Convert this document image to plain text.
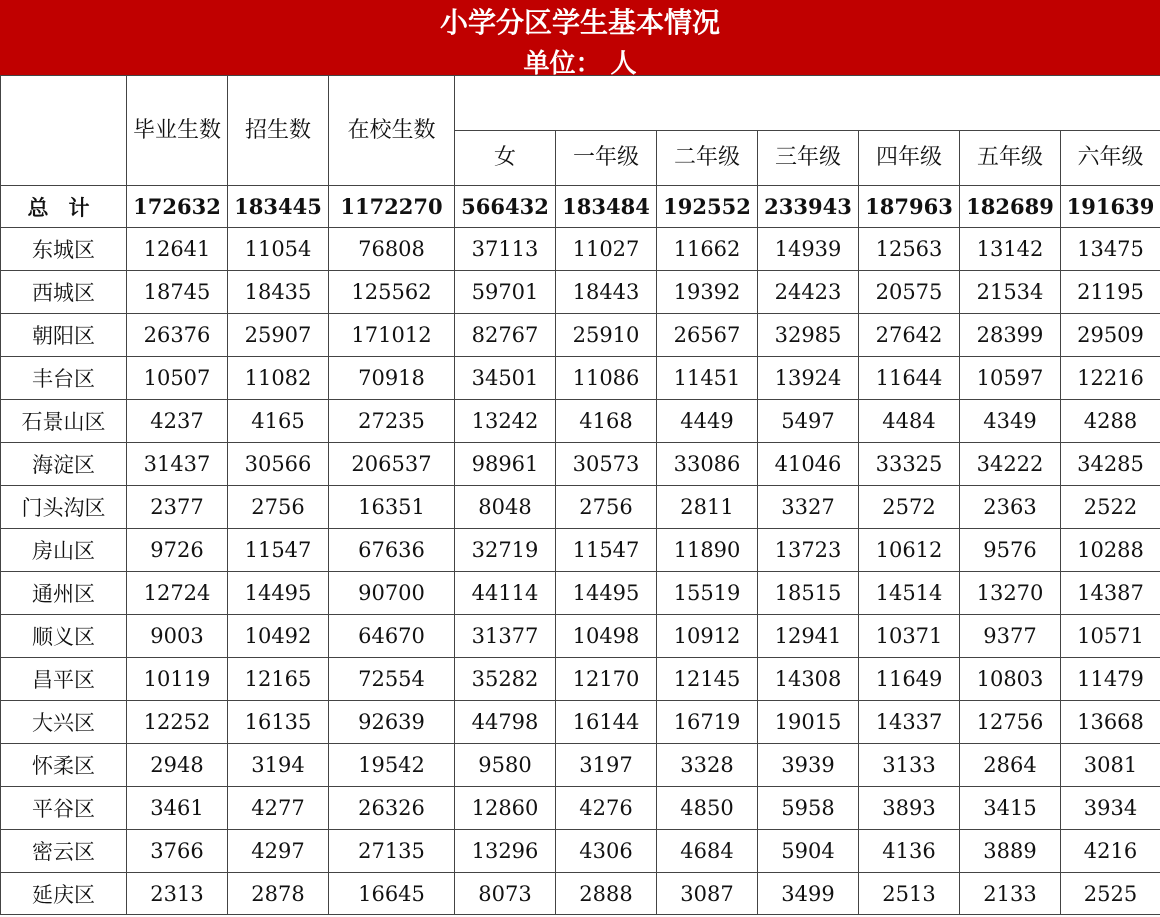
小学分区学生基本情况
单位： 人
	毕业生数	招生数	在校生数							
				女	一年级	二年级	三年级	四年级	五年级	六年级
总计	172632	183445	1172270	566432	183484	192552	233943	187963	182689	191639
东城区	12641	11054	76808	37113	11027	11662	14939	12563	13142	13475
西城区	18745	18435	125562	59701	18443	19392	24423	20575	21534	21195
朝阳区	26376	25907	171012	82767	25910	26567	32985	27642	28399	29509
丰台区	10507	11082	70918	34501	11086	11451	13924	11644	10597	12216
石景山区	4237	4165	27235	13242	4168	4449	5497	4484	4349	4288
海淀区	31437	30566	206537	98961	30573	33086	41046	33325	34222	34285
门头沟区	2377	2756	16351	8048	2756	2811	3327	2572	2363	2522
房山区	9726	11547	67636	32719	11547	11890	13723	10612	9576	10288
通州区	12724	14495	90700	44114	14495	15519	18515	14514	13270	14387
顺义区	9003	10492	64670	31377	10498	10912	12941	10371	9377	10571
昌平区	10119	12165	72554	35282	12170	12145	14308	11649	10803	11479
大兴区	12252	16135	92639	44798	16144	16719	19015	14337	12756	13668
怀柔区	2948	3194	19542	9580	3197	3328	3939	3133	2864	3081
平谷区	3461	4277	26326	12860	4276	4850	5958	3893	3415	3934
密云区	3766	4297	27135	13296	4306	4684	5904	4136	3889	4216
延庆区	2313	2878	16645	8073	2888	3087	3499	2513	2133	2525
